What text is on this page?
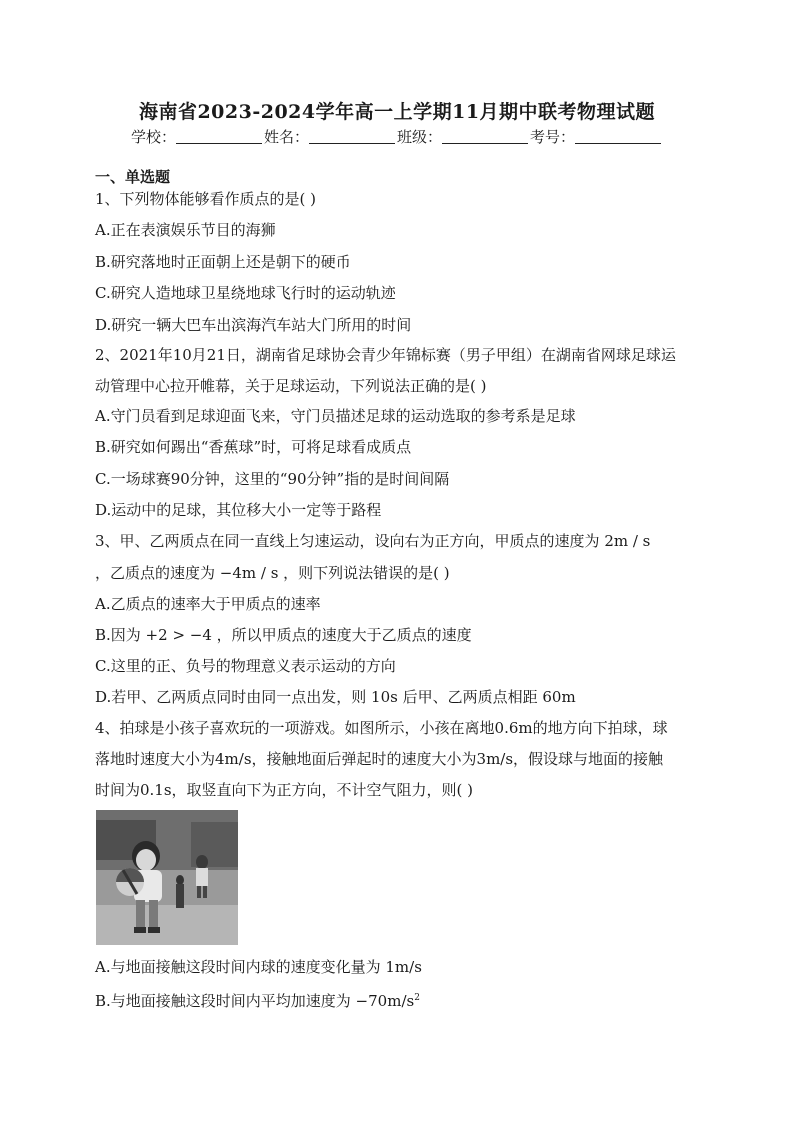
海南省2023-2024学年高一上学期11月期中联考物理试题
学校：	姓名：	班级：	考号：
一、单选题
1、下列物体能够看作质点的是( )
A.正在表演娱乐节目的海狮
B.研究落地时正面朝上还是朝下的硬币
C.研究人造地球卫星绕地球飞行时的运动轨迹
D.研究一辆大巴车出滨海汽车站大门所用的时间
2、2021年10月21日，湖南省足球协会青少年锦标赛（男子甲组）在湖南省网球足球运
动管理中心拉开帷幕，关于足球运动，下列说法正确的是( )
A.守门员看到足球迎面飞来，守门员描述足球的运动选取的参考系是足球
B.研究如何踢出“香蕉球”时，可将足球看成质点
C.一场球赛90分钟，这里的“90分钟”指的是时间间隔
D.运动中的足球，其位移大小一定等于路程
3、甲、乙两质点在同一直线上匀速运动，设向右为正方向，甲质点的速度为 2m / s
，乙质点的速度为 −4m / s ，则下列说法错误的是( )
A.乙质点的速率大于甲质点的速率
B.因为 +2 > −4 ，所以甲质点的速度大于乙质点的速度
C.这里的正、负号的物理意义表示运动的方向
D.若甲、乙两质点同时由同一点出发，则 10s 后甲、乙两质点相距 60m
4、拍球是小孩子喜欢玩的一项游戏。如图所示，小孩在离地0.6m的地方向下拍球，球
落地时速度大小为4m/s，接触地面后弹起时的速度大小为3m/s，假设球与地面的接触
时间为0.1s，取竖直向下为正方向，不计空气阻力，则( )
A.与地面接触这段时间内球的速度变化量为 1m/s
B.与地面接触这段时间内平均加速度为 $-70m/s^2$
